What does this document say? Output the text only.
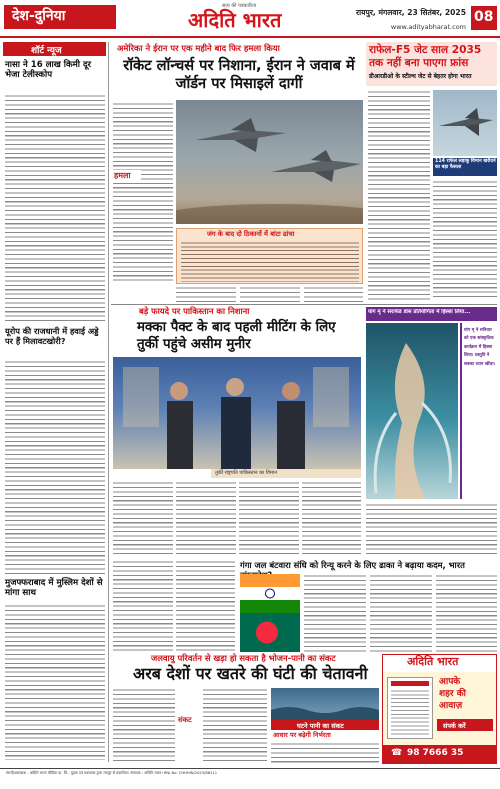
देश-दुनिया
सत्य की पत्रकारिता
अदिति भारत	रायपुर, मंगलवार, 23 सितंबर, 2025
www.adityabharat.com
08
शॉर्ट न्यूज
नासा ने 16 लाख किमी दूर भेजा टेलीस्कोप
यूरोप की राजधानी में हवाई अड्डे पर हैं मिलावटखोरी?
मुजफ्फराबाद में मुस्लिम देशों से मांगा साथ
अमेरिका ने ईरान पर एक महीने बाद फिर हमला किया
रॉकेट लॉन्चर्स पर निशाना, ईरान ने जवाब में जॉर्डन पर मिसाइलें दागीं
हमला
जंग के बाद दो ठिकानों में बांटा ढांचा
राफेल-F5 जेट साल 2035 तक नहीं बना पाएगा फ्रांस
डीआरडीओ के स्टील्थ जेट से बेहतर होगा भारत
114 राफेल लड़ाकू विमान खरीदने का बड़ा फैसला
बड़े फायदे पर पाकिस्तान का निशाना
मक्का पैक्ट के बाद पहली मीटिंग के लिए तुर्की पहुंचे असीम मुनीर
तुर्की राष्ट्रपति पाकिस्तान का विमान
यांग मृ ने सराफेड डांस प्रतियोगिता में हिस्सा लिया...
यांग मृ ने शनिवार को एक सांस्कृतिक कार्यक्रम में हिस्सा लिया। प्रस्तुति ने सबका ध्यान खींचा।
गंगा जल बंटवारा संधि को रिन्यू करने के लिए ढाका ने बढ़ाया कदम, भारत
जलवायु परिवर्तन से खड़ा हो सकता है भोजन-पानी का संकट
अरब देशों पर खतरे की घंटी की चेतावनी
संकट
घटने पानी का संकट
आधार पर बढ़ेगी निर्भरता
अदिति भारत
आपके
शहर की
आवाज़
संपर्क करें
☎ 98 7666 35
स्वामी/प्रकाशक : अदिति भारत मीडिया प्रा. लि., मुद्रक एवं प्रकाशक द्वारा रायपुर से प्रकाशित। संपादक : अदिति भारत। RNI No. CHHHIN/2023/88111
